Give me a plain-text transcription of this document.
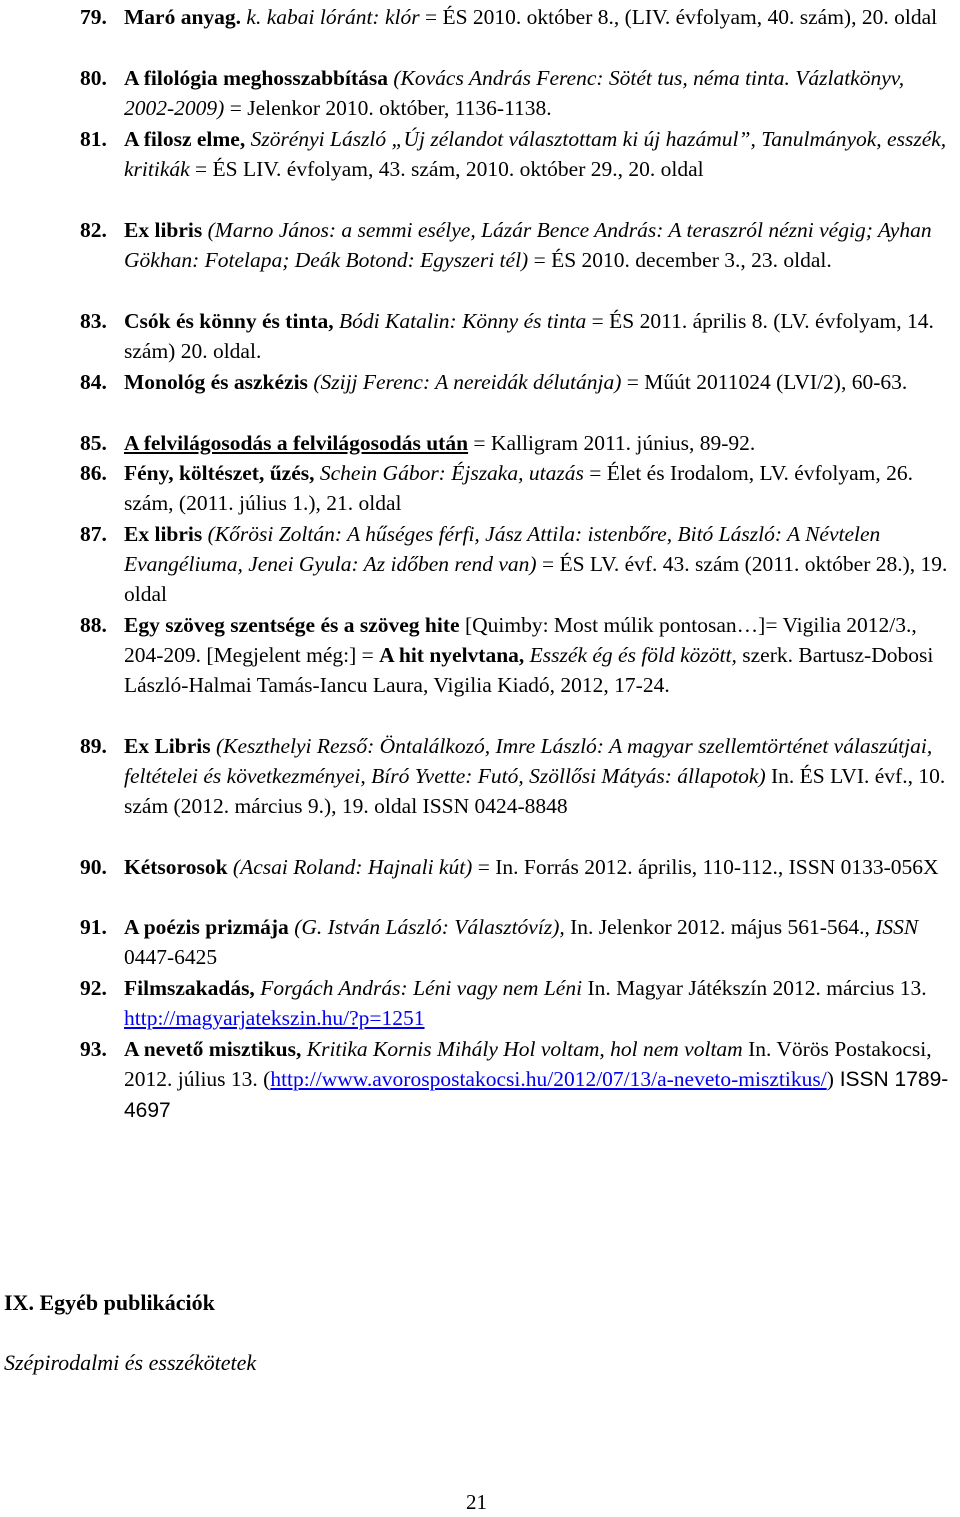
79. Maró anyag. k. kabai lóránt: klór = ÉS 2010. október 8., (LIV. évfolyam, 40. szám), 20. oldal
80. A filológia meghosszabbítása (Kovács András Ferenc: Sötét tus, néma tinta. Vázlatkönyv, 2002-2009) = Jelenkor 2010. október, 1136-1138.
81. A filosz elme, Szörényi László „Új zélandot választottam ki új hazámul”, Tanulmányok, esszék, kritikák = ÉS LIV. évfolyam, 43. szám, 2010. október 29., 20. oldal
82. Ex libris (Marno János: a semmi esélye, Lázár Bence András: A teraszról nézni végig; Ayhan Gökhan: Fotelapa; Deák Botond: Egyszeri tél) = ÉS 2010. december 3., 23. oldal.
83. Csók és könny és tinta, Bódi Katalin: Könny és tinta = ÉS 2011. április 8. (LV. évfolyam, 14. szám) 20. oldal.
84. Monológ és aszkézis (Szijj Ferenc: A nereidák délutánja) = Műút 2011024 (LVI/2), 60-63.
85. A felvilágosodás a felvilágosodás után = Kalligram 2011. június, 89-92.
86. Fény, költészet, űzés, Schein Gábor: Éjszaka, utazás = Élet és Irodalom, LV. évfolyam, 26. szám, (2011. július 1.), 21. oldal
87. Ex libris (Kőrösi Zoltán: A hűséges férfi, Jász Attila: istenbőre, Bitó László: A Névtelen Evangéliuma, Jenei Gyula: Az időben rend van) = ÉS LV. évf. 43. szám (2011. október 28.), 19. oldal
88. Egy szöveg szentsége és a szöveg hite [Quimby: Most múlik pontosan…]= Vigilia 2012/3., 204-209. [Megjelent még:] = A hit nyelvtana, Esszék ég és föld között, szerk. Bartusz-Dobosi László-Halmai Tamás-Iancu Laura, Vigilia Kiadó, 2012, 17-24.
89. Ex Libris (Keszthelyi Rezső: Öntalálkozó, Imre László: A magyar szellemtörténet válaszútjai, feltételei és következményei, Bíró Yvette: Futó, Szöllősi Mátyás: állapotok) In. ÉS LVI. évf., 10. szám (2012. március 9.), 19. oldal ISSN 0424-8848
90. Kétsorosok (Acsai Roland: Hajnali kút) = In. Forrás 2012. április, 110-112., ISSN 0133-056X
91. A poézis prizmája (G. István László: Választóvíz), In. Jelenkor 2012. május 561-564., ISSN 0447-6425
92. Filmszakadás, Forgách András: Léni vagy nem Léni In. Magyar Játékszín 2012. március 13. http://magyarjatekszin.hu/?p=1251
93. A nevető misztikus, Kritika Kornis Mihály Hol voltam, hol nem voltam In. Vörös Postakocsi, 2012. július 13. (http://www.avorospostakocsi.hu/2012/07/13/a-neveto-misztikus/) ISSN 1789-4697
IX. Egyéb publikációk

Szépirodalmi és esszékötetek

21
